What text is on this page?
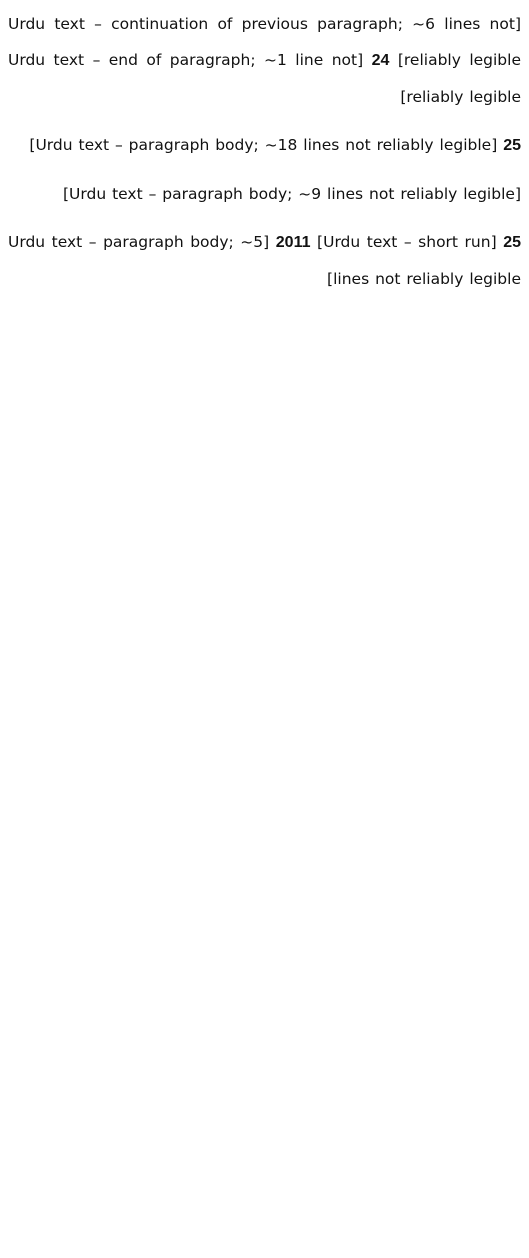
[Urdu text – continuation of previous paragraph; ~6 lines not reliably legible] 24 [Urdu text – end of paragraph; ~1 line not reliably legible]

25 [Urdu text – paragraph body; ~18 lines not reliably legible]

[Urdu text – paragraph body; ~9 lines not reliably legible]

25 [Urdu text – short run] 2011 [Urdu text – paragraph body; ~5 lines not reliably legible]
